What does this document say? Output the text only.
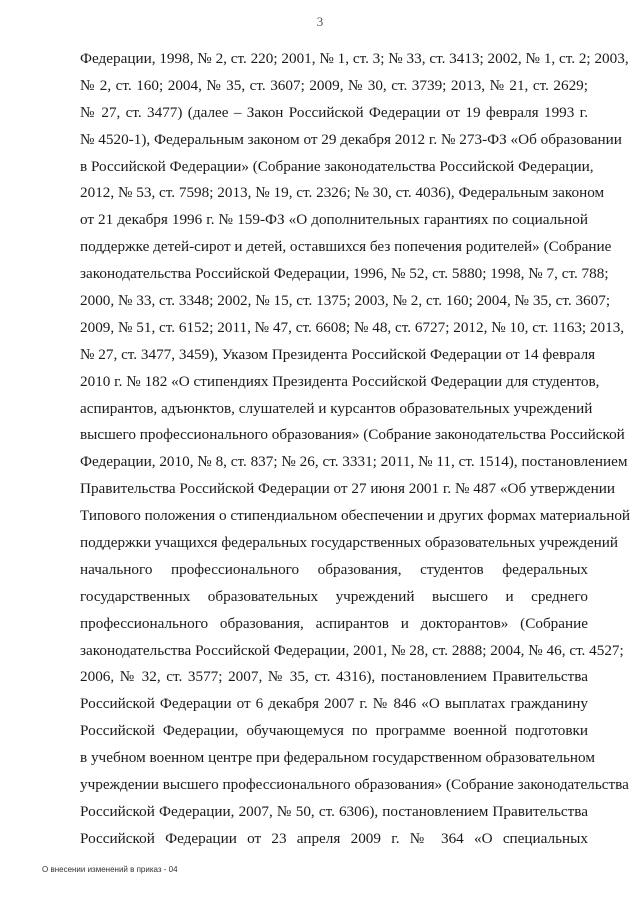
3
Федерации, 1998, № 2, ст. 220; 2001, № 1, ст. 3; № 33, ст. 3413; 2002, № 1, ст. 2; 2003,
№ 2, ст. 160; 2004, № 35, ст. 3607; 2009, № 30, ст. 3739; 2013, № 21, ст. 2629;
№ 27, ст. 3477) (далее – Закон Российской Федерации от 19 февраля 1993 г.
№ 4520-1), Федеральным законом от 29 декабря 2012 г. № 273-ФЗ «Об образовании
в Российской Федерации» (Собрание законодательства Российской Федерации,
2012, № 53, ст. 7598; 2013, № 19, ст. 2326; № 30, ст. 4036), Федеральным законом
от 21 декабря 1996 г. № 159-ФЗ «О дополнительных гарантиях по социальной
поддержке детей-сирот и детей, оставшихся без попечения родителей» (Собрание
законодательства Российской Федерации, 1996, № 52, ст. 5880; 1998, № 7, ст. 788;
2000, № 33, ст. 3348; 2002, № 15, ст. 1375; 2003, № 2, ст. 160; 2004, № 35, ст. 3607;
2009, № 51, ст. 6152; 2011, № 47, ст. 6608; № 48, ст. 6727; 2012, № 10, ст. 1163; 2013,
№ 27, ст. 3477, 3459), Указом Президента Российской Федерации от 14 февраля
2010 г. № 182 «О стипендиях Президента Российской Федерации для студентов,
аспирантов, адъюнктов, слушателей и курсантов образовательных учреждений
высшего профессионального образования» (Собрание законодательства Российской
Федерации, 2010, № 8, ст. 837; № 26, ст. 3331; 2011, № 11, ст. 1514), постановлением
Правительства Российской Федерации от 27 июня 2001 г. № 487 «Об утверждении
Типового положения о стипендиальном обеспечении и других формах материальной
поддержки учащихся федеральных государственных образовательных учреждений
начального профессионального образования, студентов федеральных
государственных образовательных учреждений высшего и среднего
профессионального образования, аспирантов и докторантов» (Собрание
законодательства Российской Федерации, 2001, № 28, ст. 2888; 2004, № 46, ст. 4527;
2006, № 32, ст. 3577; 2007, № 35, ст. 4316), постановлением Правительства
Российской Федерации от 6 декабря 2007 г. № 846 «О выплатах гражданину
Российской Федерации, обучающемуся по программе военной подготовки
в учебном военном центре при федеральном государственном образовательном
учреждении высшего профессионального образования» (Собрание законодательства
Российской Федерации, 2007, № 50, ст. 6306), постановлением Правительства
Российской Федерации от 23 апреля 2009 г. № 364 «О специальных
О внесении изменений в приказ - 04
